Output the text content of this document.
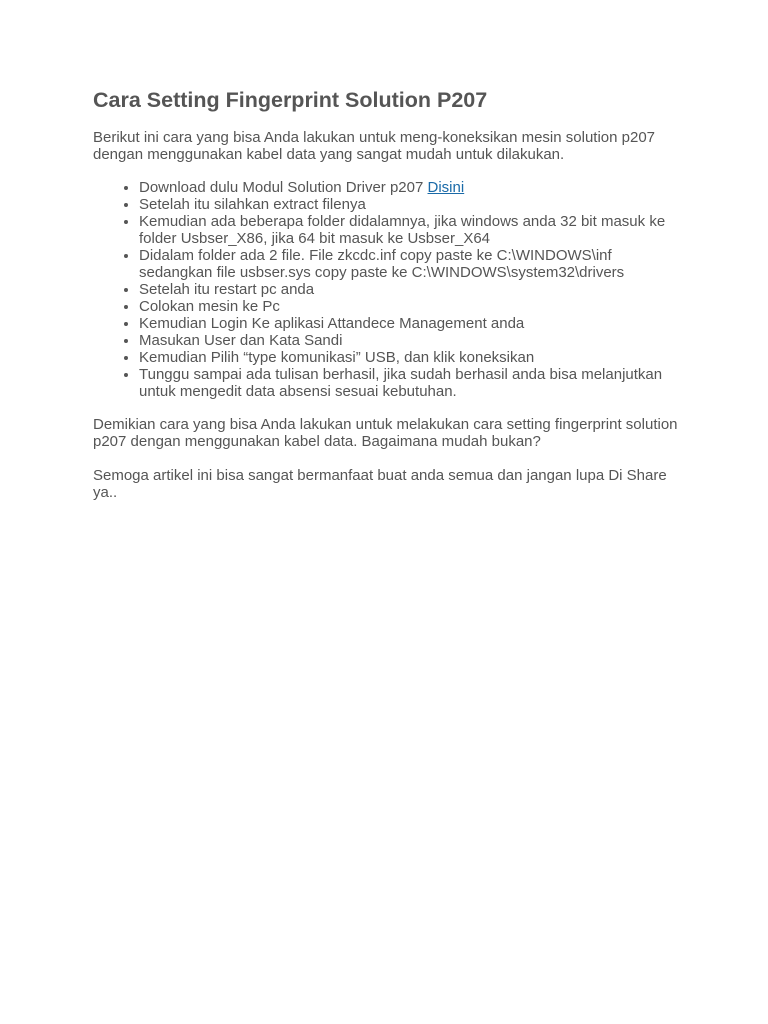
Cara Setting Fingerprint Solution P207

Berikut ini cara yang bisa Anda lakukan untuk meng-koneksikan mesin solution p207 dengan menggunakan kabel data yang sangat mudah untuk dilakukan.

• Download dulu Modul Solution Driver p207 Disini
• Setelah itu silahkan extract filenya
• Kemudian ada beberapa folder didalamnya, jika windows anda 32 bit masuk ke folder Usbser_X86, jika 64 bit masuk ke Usbser_X64
• Didalam folder ada 2 file. File zkcdc.inf copy paste ke C:\WINDOWS\inf sedangkan file usbser.sys copy paste ke C:\WINDOWS\system32\drivers
• Setelah itu restart pc anda
• Colokan mesin ke Pc
• Kemudian Login Ke aplikasi Attandece Management anda
• Masukan User dan Kata Sandi
• Kemudian Pilih “type komunikasi” USB, dan klik koneksikan
• Tunggu sampai ada tulisan berhasil, jika sudah berhasil anda bisa melanjutkan untuk mengedit data absensi sesuai kebutuhan.

Demikian cara yang bisa Anda lakukan untuk melakukan cara setting fingerprint solution p207 dengan menggunakan kabel data. Bagaimana mudah bukan?

Semoga artikel ini bisa sangat bermanfaat buat anda semua dan jangan lupa Di Share ya..
